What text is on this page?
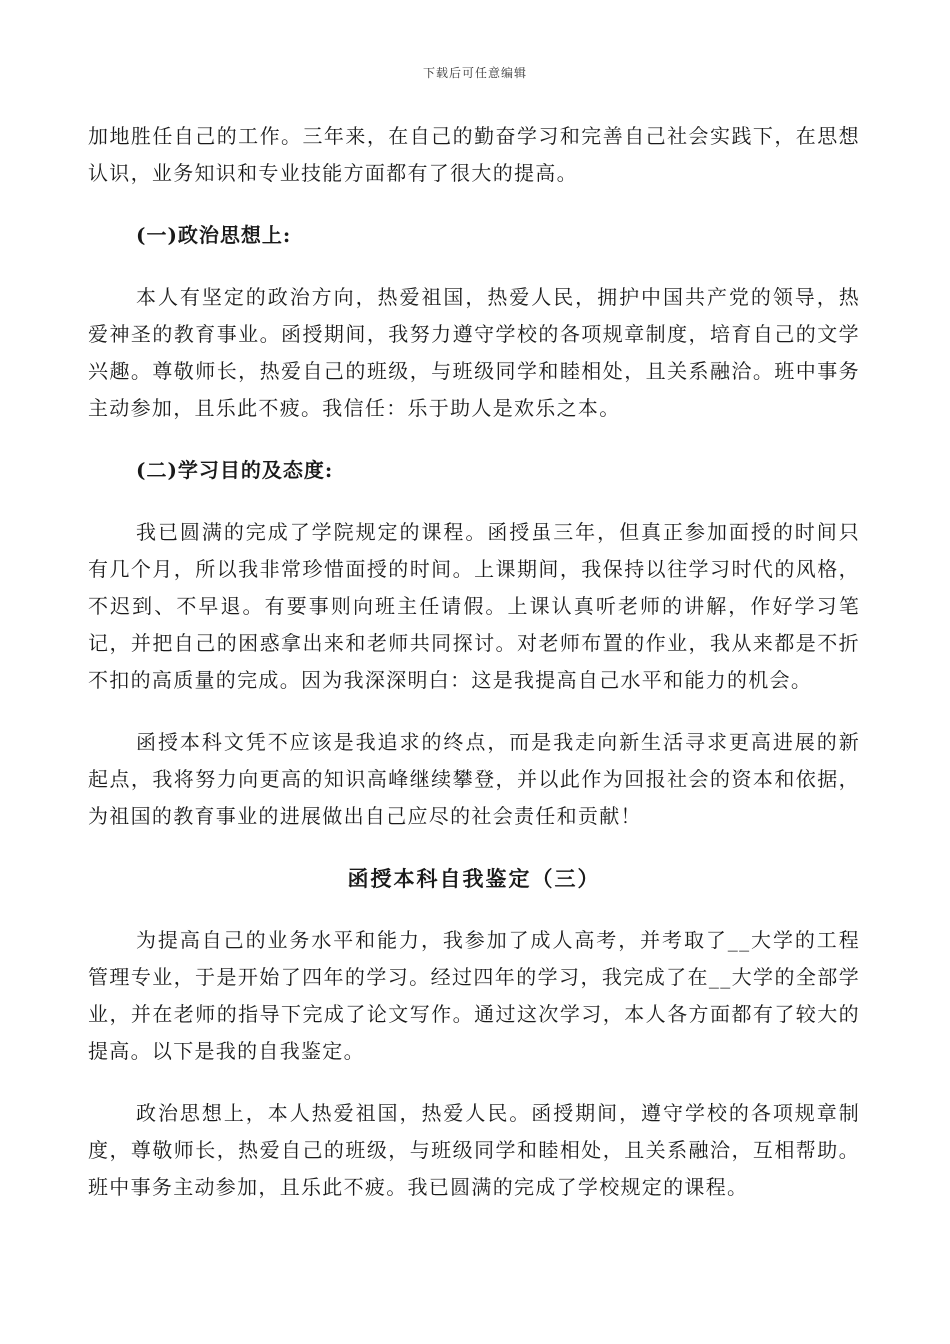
下载后可任意编辑

加地胜任自己的工作。三年来，在自己的勤奋学习和完善自己社会实践下，在思想认识，业务知识和专业技能方面都有了很大的提高。

(一)政治思想上:

本人有坚定的政治方向，热爱祖国，热爱人民，拥护中国共产党的领导，热爱神圣的教育事业。函授期间，我努力遵守学校的各项规章制度，培育自己的文学兴趣。尊敬师长，热爱自己的班级，与班级同学和睦相处，且关系融洽。班中事务主动参加，且乐此不疲。我信任：乐于助人是欢乐之本。

(二)学习目的及态度:

我已圆满的完成了学院规定的课程。函授虽三年，但真正参加面授的时间只有几个月，所以我非常珍惜面授的时间。上课期间，我保持以往学习时代的风格，不迟到、不早退。有要事则向班主任请假。上课认真听老师的讲解，作好学习笔记，并把自己的困惑拿出来和老师共同探讨。对老师布置的作业，我从来都是不折不扣的高质量的完成。因为我深深明白：这是我提高自己水平和能力的机会。

函授本科文凭不应该是我追求的终点，而是我走向新生活寻求更高进展的新起点，我将努力向更高的知识高峰继续攀登，并以此作为回报社会的资本和依据，为祖国的教育事业的进展做出自己应尽的社会责任和贡献！

函授本科自我鉴定（三）

为提高自己的业务水平和能力，我参加了成人高考，并考取了__大学的工程管理专业，于是开始了四年的学习。经过四年的学习，我完成了在__大学的全部学业，并在老师的指导下完成了论文写作。通过这次学习，本人各方面都有了较大的提高。以下是我的自我鉴定。

政治思想上，本人热爱祖国，热爱人民。函授期间，遵守学校的各项规章制度，尊敬师长，热爱自己的班级，与班级同学和睦相处，且关系融洽，互相帮助。班中事务主动参加，且乐此不疲。我已圆满的完成了学校规定的课程。
